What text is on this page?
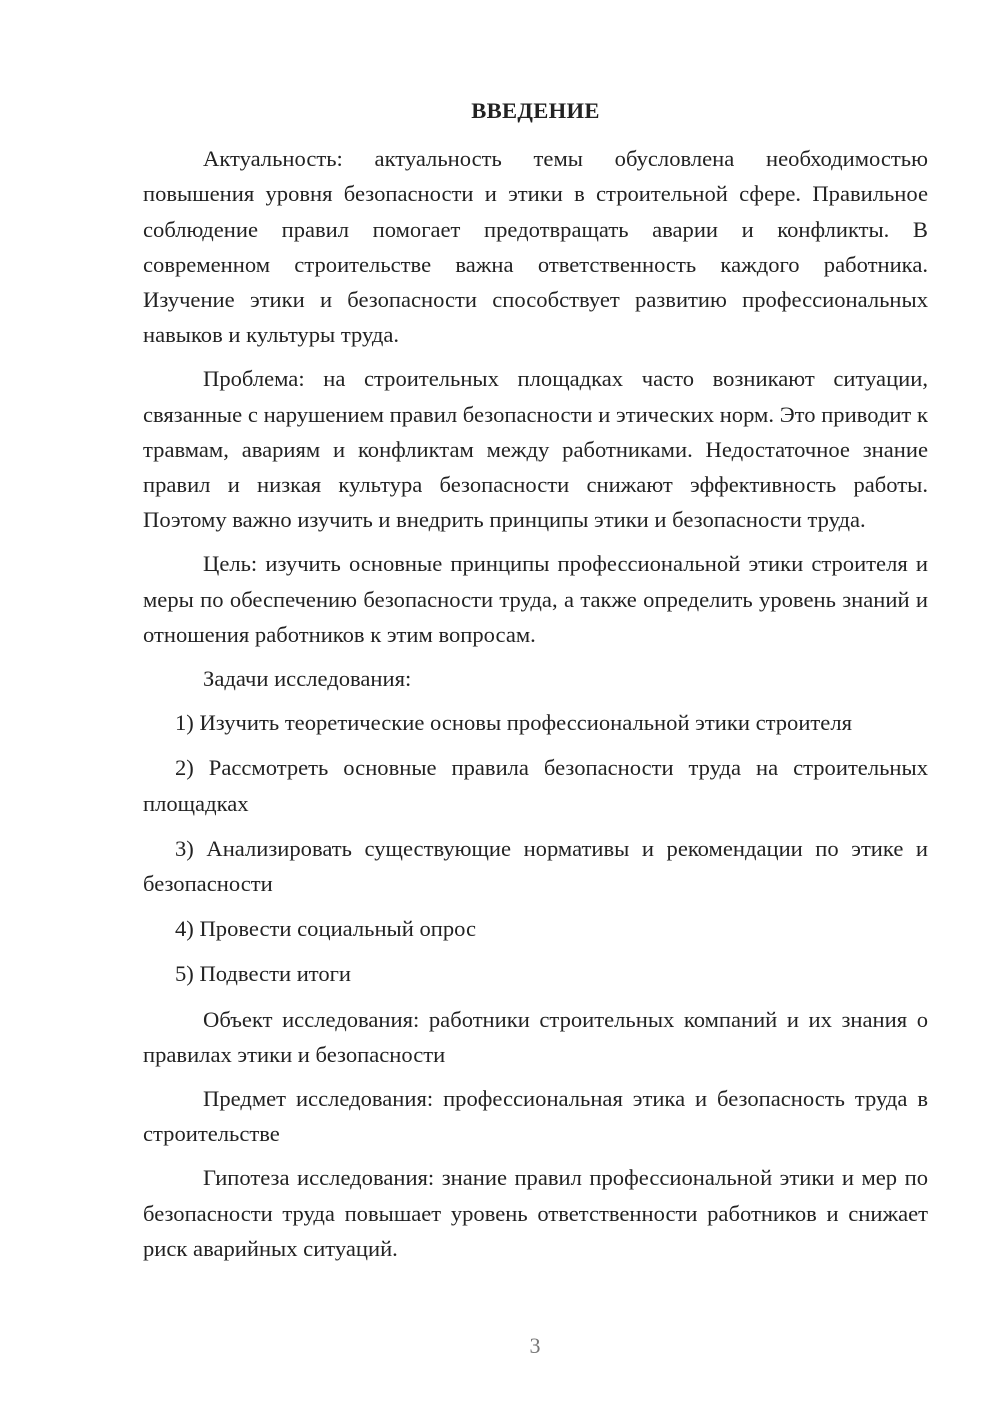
ВВЕДЕНИЕ

Актуальность: актуальность темы обусловлена необходимостью повышения уровня безопасности и этики в строительной сфере. Правильное соблюдение правил помогает предотвращать аварии и конфликты. В современном строительстве важна ответственность каждого работника. Изучение этики и безопасности способствует развитию профессиональных навыков и культуры труда.

Проблема: на строительных площадках часто возникают ситуации, связанные с нарушением правил безопасности и этических норм. Это приводит к травмам, авариям и конфликтам между работниками. Недостаточное знание правил и низкая культура безопасности снижают эффективность работы. Поэтому важно изучить и внедрить принципы этики и безопасности труда.

Цель: изучить основные принципы профессиональной этики строителя и меры по обеспечению безопасности труда, а также определить уровень знаний и отношения работников к этим вопросам.

Задачи исследования:

1) Изучить теоретические основы профессиональной этики строителя

2) Рассмотреть основные правила безопасности труда на строительных площадках

3) Анализировать существующие нормативы и рекомендации по этике и безопасности

4) Провести социальный опрос

5) Подвести итоги

Объект исследования: работники строительных компаний и их знания о правилах этики и безопасности

Предмет исследования: профессиональная этика и безопасность труда в строительстве

Гипотеза исследования: знание правил профессиональной этики и мер по безопасности труда повышает уровень ответственности работников и снижает риск аварийных ситуаций.

3
